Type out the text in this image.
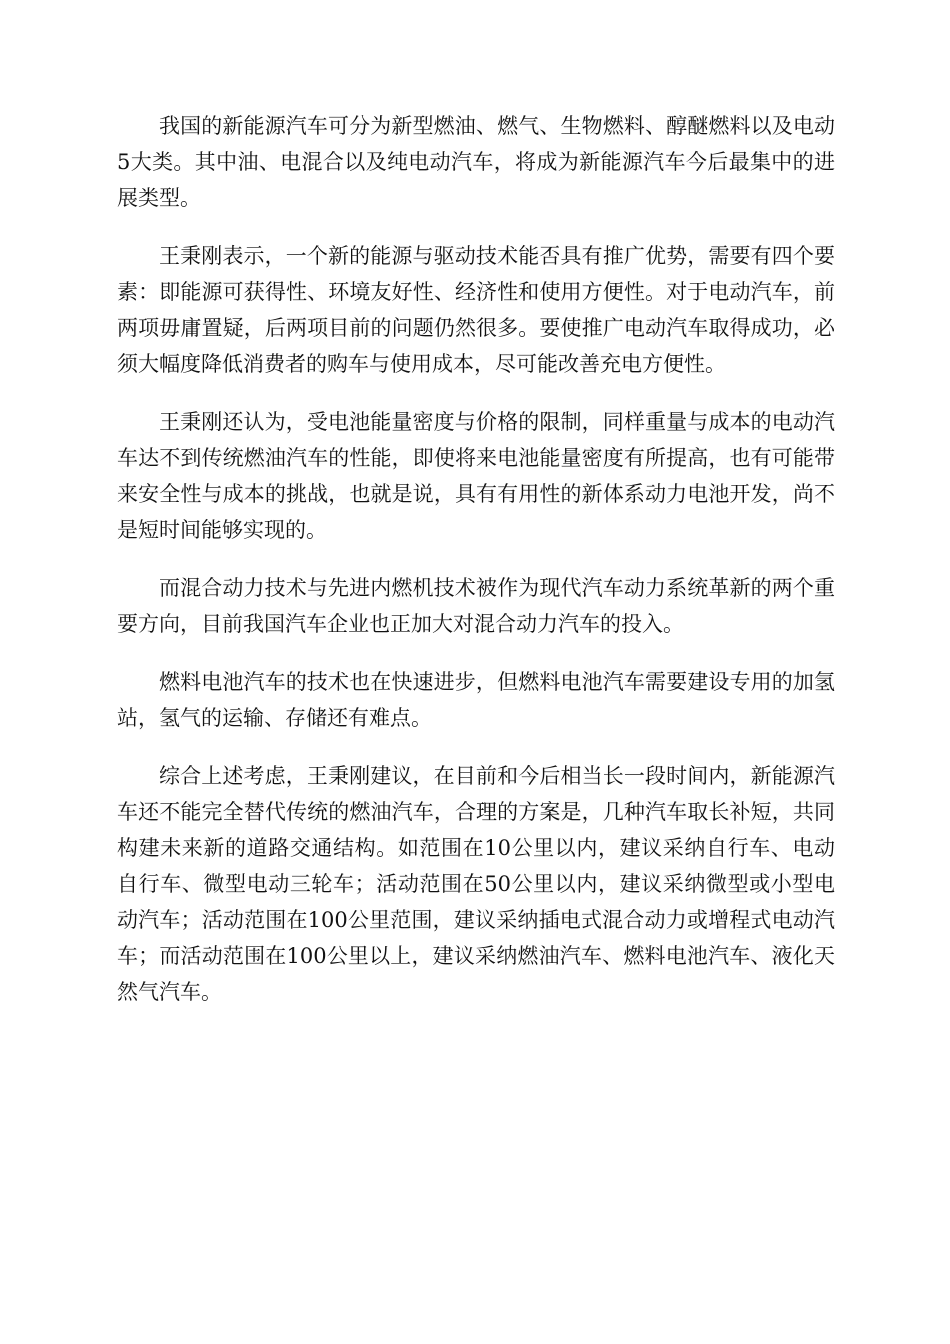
我国的新能源汽车可分为新型燃油、燃气、生物燃料、醇醚燃料以及电动5大类。其中油、电混合以及纯电动汽车，将成为新能源汽车今后最集中的进展类型。

王秉刚表示，一个新的能源与驱动技术能否具有推广优势，需要有四个要素：即能源可获得性、环境友好性、经济性和使用方便性。对于电动汽车，前两项毋庸置疑，后两项目前的问题仍然很多。要使推广电动汽车取得成功，必须大幅度降低消费者的购车与使用成本，尽可能改善充电方便性。

王秉刚还认为，受电池能量密度与价格的限制，同样重量与成本的电动汽车达不到传统燃油汽车的性能，即使将来电池能量密度有所提高，也有可能带来安全性与成本的挑战，也就是说，具有有用性的新体系动力电池开发，尚不是短时间能够实现的。

而混合动力技术与先进内燃机技术被作为现代汽车动力系统革新的两个重要方向，目前我国汽车企业也正加大对混合动力汽车的投入。

燃料电池汽车的技术也在快速进步，但燃料电池汽车需要建设专用的加氢站，氢气的运输、存储还有难点。

综合上述考虑，王秉刚建议，在目前和今后相当长一段时间内，新能源汽车还不能完全替代传统的燃油汽车，合理的方案是，几种汽车取长补短，共同构建未来新的道路交通结构。如范围在10公里以内，建议采纳自行车、电动自行车、微型电动三轮车；活动范围在50公里以内，建议采纳微型或小型电动汽车；活动范围在100公里范围，建议采纳插电式混合动力或增程式电动汽车；而活动范围在100公里以上，建议采纳燃油汽车、燃料电池汽车、液化天然气汽车。
